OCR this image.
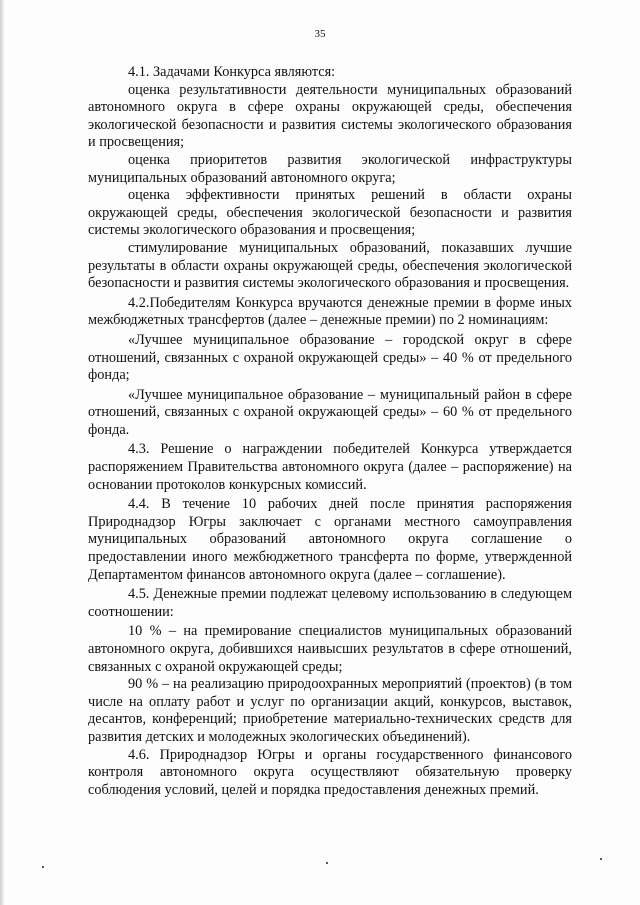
35

4.1. Задачами Конкурса являются:

оценка результативности деятельности муниципальных образований автономного округа в сфере охраны окружающей среды, обеспечения экологической безопасности и развития системы экологического образования и просвещения;

оценка приоритетов развития экологической инфраструктуры муниципальных образований автономного округа;

оценка эффективности принятых решений в области охраны окружающей среды, обеспечения экологической безопасности и развития системы экологического образования и просвещения;

стимулирование муниципальных образований, показавших лучшие результаты в области охраны окружающей среды, обеспечения экологической безопасности и развития системы экологического образования и просвещения.

4.2.Победителям Конкурса вручаются денежные премии в форме иных межбюджетных трансфертов (далее – денежные премии) по 2 номинациям:

«Лучшее муниципальное образование – городской округ в сфере отношений, связанных с охраной окружающей среды» – 40 % от предельного фонда;

«Лучшее муниципальное образование – муниципальный район в сфере отношений, связанных с охраной окружающей среды» – 60 % от предельного фонда.

4.3. Решение о награждении победителей Конкурса утверждается распоряжением Правительства автономного округа (далее – распоряжение) на основании протоколов конкурсных комиссий.

4.4. В течение 10 рабочих дней после принятия распоряжения Природнадзор Югры заключает с органами местного самоуправления муниципальных образований автономного округа соглашение о предоставлении иного межбюджетного трансферта по форме, утвержденной Департаментом финансов автономного округа (далее – соглашение).

4.5. Денежные премии подлежат целевому использованию в следующем соотношении:

10 % – на премирование специалистов муниципальных образований автономного округа, добившихся наивысших результатов в сфере отношений, связанных с охраной окружающей среды;

90 % – на реализацию природоохранных мероприятий (проектов) (в том числе на оплату работ и услуг по организации акций, конкурсов, выставок, десантов, конференций; приобретение материально-технических средств для развития детских и молодежных экологических объединений).

4.6. Природнадзор Югры и органы государственного финансового контроля автономного округа осуществляют обязательную проверку соблюдения условий, целей и порядка предоставления денежных премий.
